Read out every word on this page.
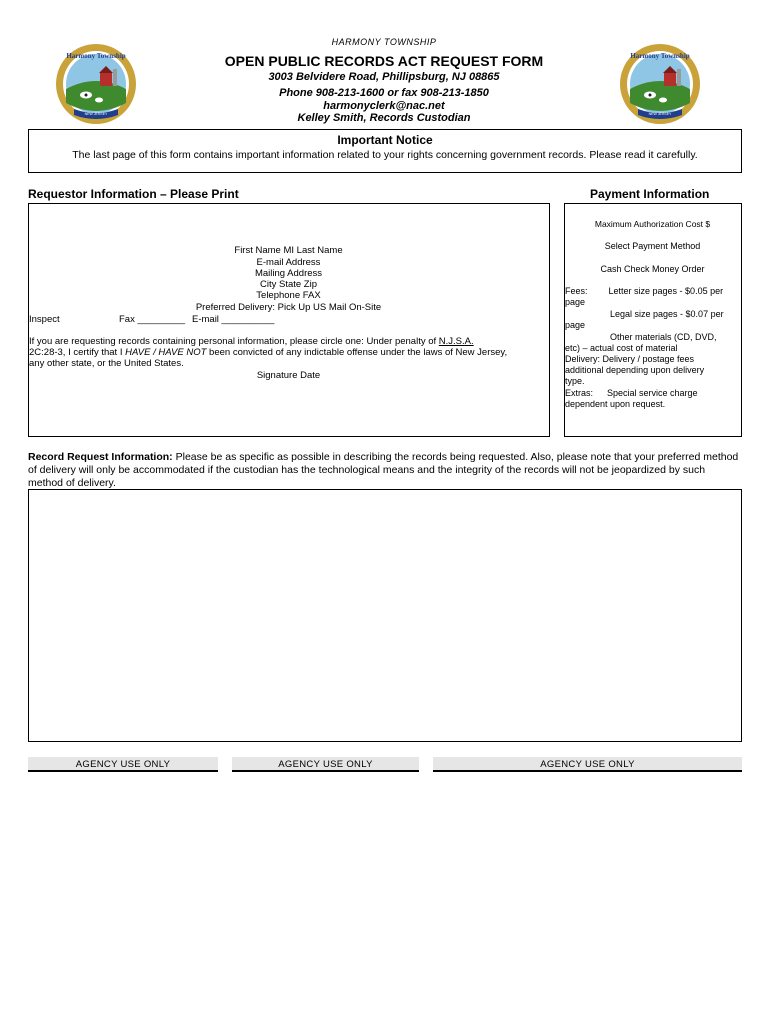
HARMONY TOWNSHIP
OPEN PUBLIC RECORDS ACT REQUEST FORM
3003 Belvidere Road, Phillipsburg, NJ 08865
Phone 908-213-1600 or fax 908-213-1850
harmonyclerk@nac.net
Kelley Smith, Records Custodian
Harmony Township
NEW JERSEY
Harmony Township
NEW JERSEY
Important Notice
The last page of this form contains important information related to your rights concerning government records. Please read it carefully.
Requestor Information – Please Print	Payment Information
First Name MI Last Name
E-mail Address
Mailing Address
City State Zip
Telephone FAX
Preferred Delivery: Pick Up US Mail On-Site
Inspect	Fax _________ E-mail __________
If you are requesting records containing personal information, please circle one: Under penalty of N.J.S.A.
2C:28-3, I certify that I HAVE / HAVE NOT been convicted of any indictable offense under the laws of New Jersey,
any other state, or the United States.
Signature Date
Maximum Authorization Cost $
Select Payment Method
Cash Check Money Order
Fees: Letter size pages - $0.05 per
page
Legal size pages - $0.07 per
page
Other materials (CD, DVD,
etc) – actual cost of material
Delivery: Delivery / postage fees
additional depending upon delivery
type.
Extras: Special service charge
dependent upon request.
Record Request Information: Please be as specific as possible in describing the records being requested. Also, please note that your preferred method of delivery will only be accommodated if the custodian has the technological means and the integrity of the records will not be jeopardized by such method of delivery.
AGENCY USE ONLY	AGENCY USE ONLY	AGENCY USE ONLY
